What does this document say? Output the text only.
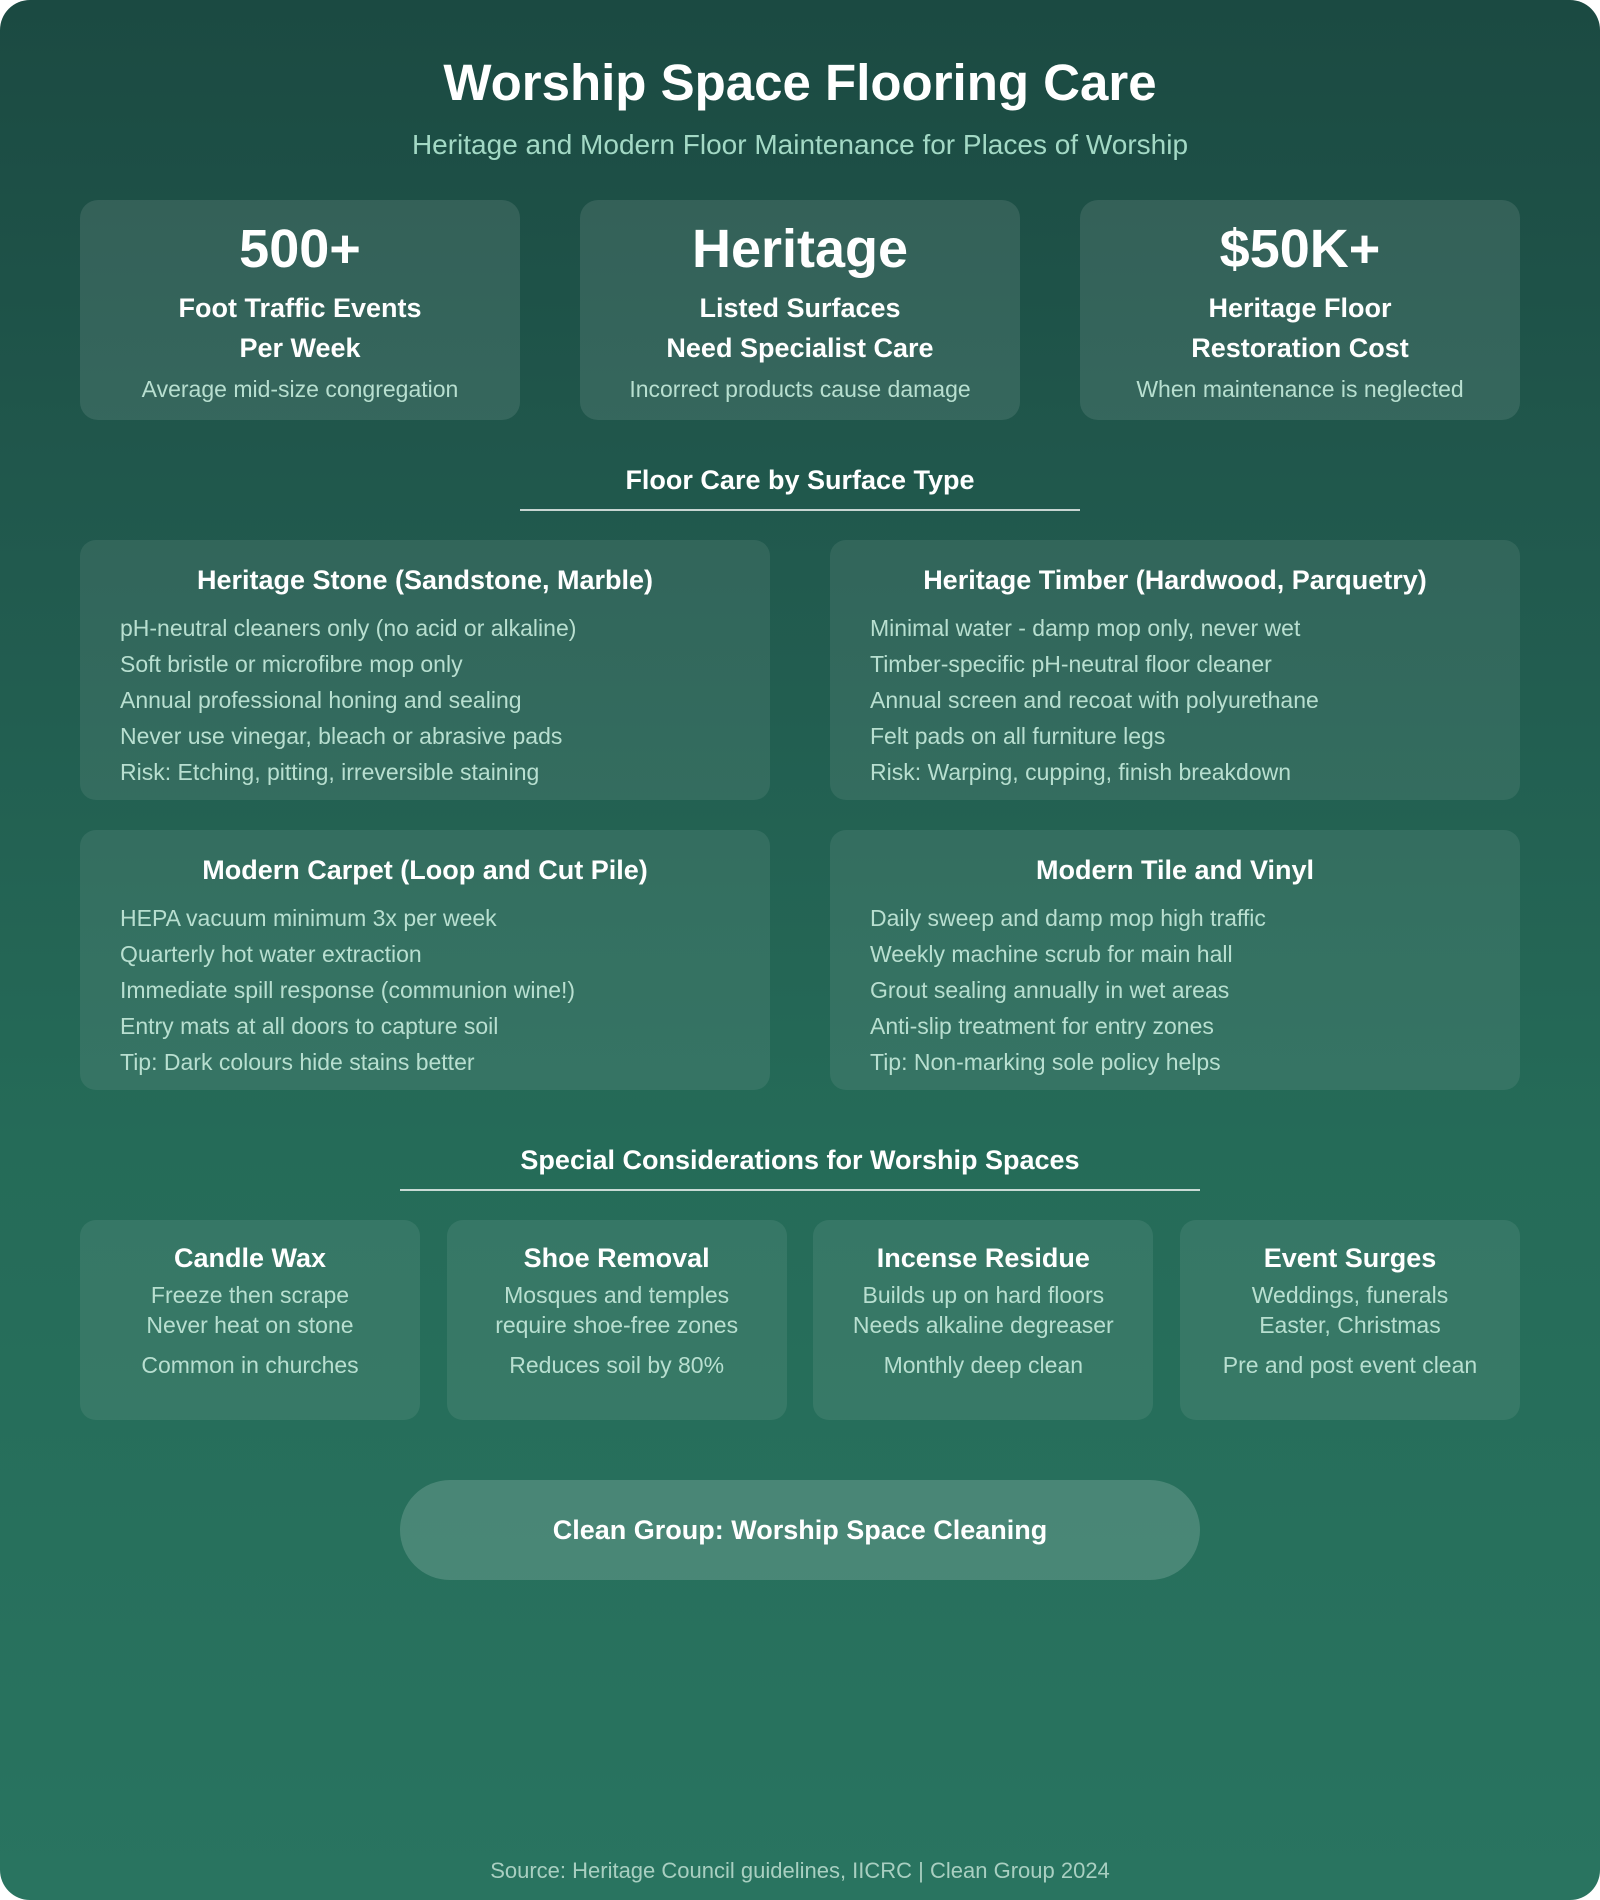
Worship Space Flooring Care
Heritage and Modern Floor Maintenance for Places of Worship
500+
Foot Traffic Events
Per Week
Average mid-size congregation
Heritage
Listed Surfaces
Need Specialist Care
Incorrect products cause damage
$50K+
Heritage Floor
Restoration Cost
When maintenance is neglected
Floor Care by Surface Type
Heritage Stone (Sandstone, Marble)
pH-neutral cleaners only (no acid or alkaline)
Soft bristle or microfibre mop only
Annual professional honing and sealing
Never use vinegar, bleach or abrasive pads
Risk: Etching, pitting, irreversible staining
Heritage Timber (Hardwood, Parquetry)
Minimal water - damp mop only, never wet
Timber-specific pH-neutral floor cleaner
Annual screen and recoat with polyurethane
Felt pads on all furniture legs
Risk: Warping, cupping, finish breakdown
Modern Carpet (Loop and Cut Pile)
HEPA vacuum minimum 3x per week
Quarterly hot water extraction
Immediate spill response (communion wine!)
Entry mats at all doors to capture soil
Tip: Dark colours hide stains better
Modern Tile and Vinyl
Daily sweep and damp mop high traffic
Weekly machine scrub for main hall
Grout sealing annually in wet areas
Anti-slip treatment for entry zones
Tip: Non-marking sole policy helps
Special Considerations for Worship Spaces
Candle Wax
Freeze then scrape
Never heat on stone
Common in churches
Shoe Removal
Mosques and temples
require shoe-free zones
Reduces soil by 80%
Incense Residue
Builds up on hard floors
Needs alkaline degreaser
Monthly deep clean
Event Surges
Weddings, funerals
Easter, Christmas
Pre and post event clean
Clean Group: Worship Space Cleaning
Source: Heritage Council guidelines, IICRC | Clean Group 2024
